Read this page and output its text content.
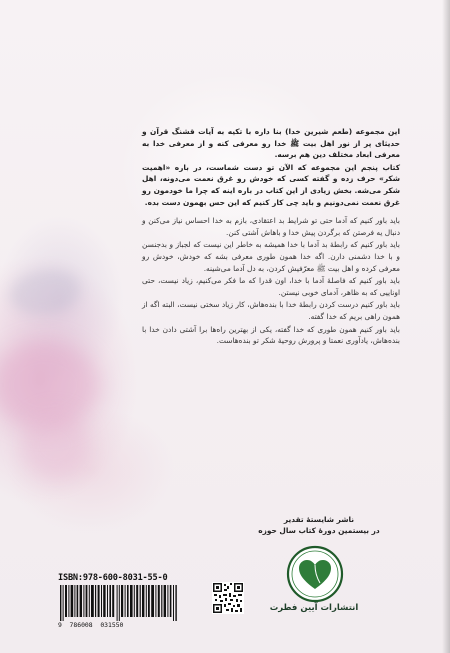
این مجموعه (طعم شیرین خدا) بنا داره با تکیه به آیات قشنگ قرآن و حدیثای پر از نور اهل بیت ﷺ خدا رو معرفی کنه و از معرفی خدا به معرفی ابعاد مختلف دین هم برسه.

کتاب پنجم این مجموعه که الآن تو دست شماست، در باره «اهمیت شکر» حرف زده و گفته کسی که خودش رو غرق نعمت می‌دونه، اهل شکر می‌شه. بخش زیادی از این کتاب در باره اینه که چرا ما خودمون رو غرق نعمت نمی‌دونیم و باید چی کار کنیم که این حس بهمون دست بده.

باید باور کنیم که آدما حتی تو شرایط بد اعتقادی، بازم به خدا احساس نیاز می‌کنن و دنبال یه فرصتن که برگردن پیش خدا و باهاش آشتی کنن.

باید باور کنیم که رابطهٔ بد آدما با خدا همیشه به خاطر این نیست که لجباز و بدجنسن و با خدا دشمنی دارن. اگه خدا همون طوری معرفی بشه که خودش، خودش رو معرفی کرده و اهل بیت ﷺ معرّفیش کردن، به دل آدما می‌شینه.

باید باور کنیم که فاصلهٔ آدما با خدا، اون قدرا که ما فکر می‌کنیم، زیاد نیست، حتی اوناییی که به ظاهر، آدمای خوبی نیستن.

باید باور کنیم درست کردن رابطهٔ خدا با بنده‌هاش، کار زیاد سختی نیست، البته اگه از همون راهی بریم که خدا گفته.

باید باور کنیم همون طوری که خدا گفته، یکی از بهترین راه‌ها برا آشتی دادن خدا با بنده‌هاش، یادآوری نعمتا و پرورش روحیهٔ شکر تو بنده‌هاست.

ناشر شایستهٔ تقدیر
در بیستمین دورهٔ کتاب سال حوزه
انتشارات آیین فطرت
ISBN:978-600-8031-55-0
9  786008  031550
